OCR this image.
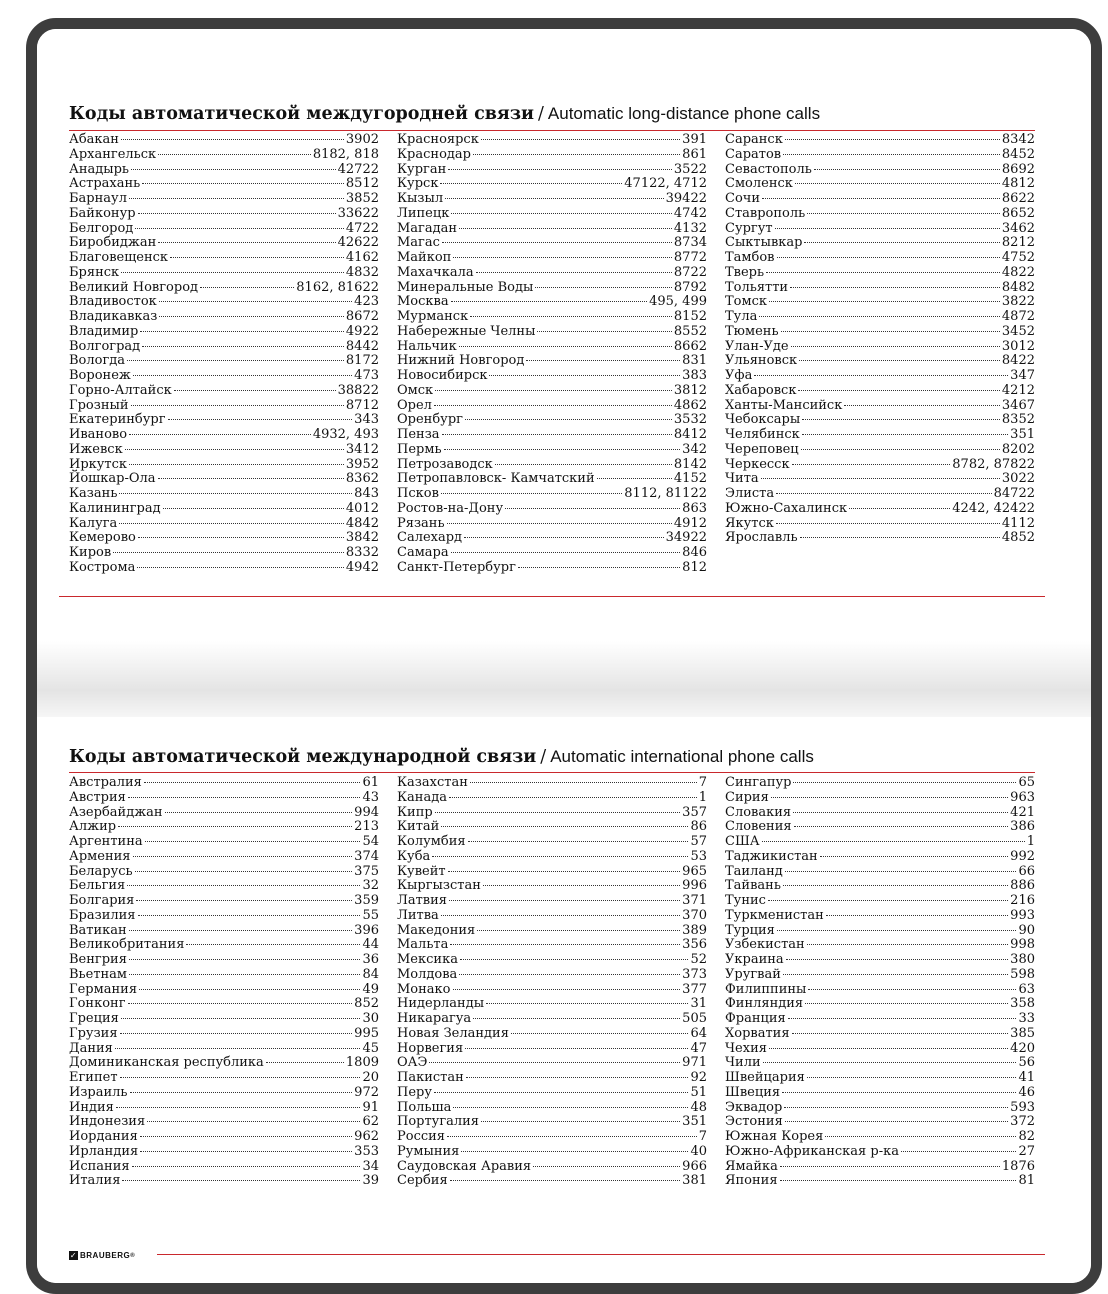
Коды автоматической междугородней связи / Automatic long-distance phone calls
Абакан	3902
Архангельск	8182, 818
Анадырь	42722
Астрахань	8512
Барнаул	3852
Байконур	33622
Белгород	4722
Биробиджан	42622
Благовещенск	4162
Брянск	4832
Великий Новгород	8162, 81622
Владивосток	423
Владикавказ	8672
Владимир	4922
Волгоград	8442
Вологда	8172
Воронеж	473
Горно-Алтайск	38822
Грозный	8712
Екатеринбург	343
Иваново	4932, 493
Ижевск	3412
Иркутск	3952
Йошкар-Ола	8362
Казань	843
Калининград	4012
Калуга	4842
Кемерово	3842
Киров	8332
Кострома	4942
Красноярск	391
Краснодар	861
Курган	3522
Курск	47122, 4712
Кызыл	39422
Липецк	4742
Магадан	4132
Магас	8734
Майкоп	8772
Махачкала	8722
Минеральные Воды	8792
Москва	495, 499
Мурманск	8152
Набережные Челны	8552
Нальчик	8662
Нижний Новгород	831
Новосибирск	383
Омск	3812
Орел	4862
Оренбург	3532
Пенза	8412
Пермь	342
Петрозаводск	8142
Петропавловск- Камчатский	4152
Псков	8112, 81122
Ростов-на-Дону	863
Рязань	4912
Салехард	34922
Самара	846
Санкт-Петербург	812
Саранск	8342
Саратов	8452
Севастополь	8692
Смоленск	4812
Сочи	8622
Ставрополь	8652
Сургут	3462
Сыктывкар	8212
Тамбов	4752
Тверь	4822
Тольятти	8482
Томск	3822
Тула	4872
Тюмень	3452
Улан-Уде	3012
Ульяновск	8422
Уфа	347
Хабаровск	4212
Ханты-Мансийск	3467
Чебоксары	8352
Челябинск	351
Череповец	8202
Черкесск	8782, 87822
Чита	3022
Элиста	84722
Южно-Сахалинск	4242, 42422
Якутск	4112
Ярославль	4852
Коды автоматической международной связи / Automatic international phone calls
Австралия	61
Австрия	43
Азербайджан	994
Алжир	213
Аргентина	54
Армения	374
Беларусь	375
Бельгия	32
Болгария	359
Бразилия	55
Ватикан	396
Великобритания	44
Венгрия	36
Вьетнам	84
Германия	49
Гонконг	852
Греция	30
Грузия	995
Дания	45
Доминиканская республика	1809
Египет	20
Израиль	972
Индия	91
Индонезия	62
Иордания	962
Ирландия	353
Испания	34
Италия	39
Казахстан	7
Канада	1
Кипр	357
Китай	86
Колумбия	57
Куба	53
Кувейт	965
Кыргызстан	996
Латвия	371
Литва	370
Македония	389
Мальта	356
Мексика	52
Молдова	373
Монако	377
Нидерланды	31
Никарагуа	505
Новая Зеландия	64
Норвегия	47
ОАЭ	971
Пакистан	92
Перу	51
Польша	48
Португалия	351
Россия	7
Румыния	40
Саудовская Аравия	966
Сербия	381
Сингапур	65
Сирия	963
Словакия	421
Словения	386
США	1
Таджикистан	992
Таиланд	66
Тайвань	886
Тунис	216
Туркменистан	993
Турция	90
Узбекистан	998
Украина	380
Уругвай	598
Филиппины	63
Финляндия	358
Франция	33
Хорватия	385
Чехия	420
Чили	56
Швейцария	41
Швеция	46
Эквадор	593
Эстония	372
Южная Корея	82
Южно-Африканская р-ка	27
Ямайка	1876
Япония	81
✓ BRAUBERG ®
